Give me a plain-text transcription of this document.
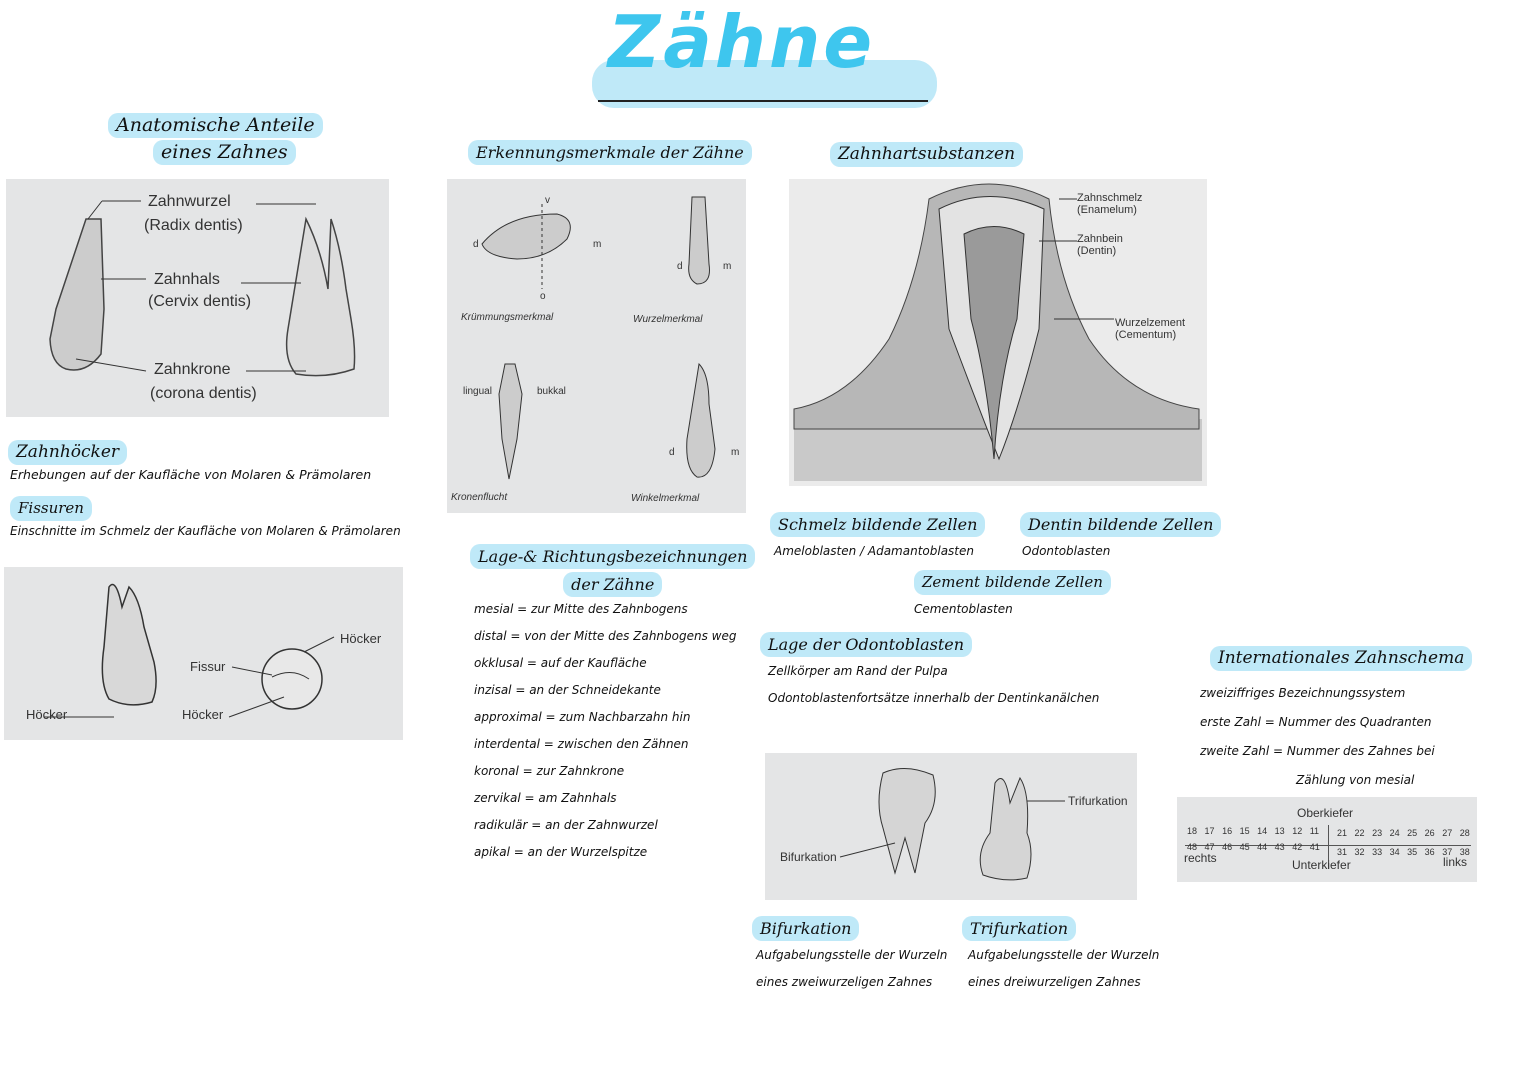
Zähne
Anatomische Anteile
eines Zahnes
Zahnwurzel
(Radix dentis)
Zahnhals
(Cervix dentis)
Zahnkrone
(corona dentis)
Zahnhöcker
Erhebungen auf der Kaufläche von Molaren & Prämolaren
Fissuren
Einschnitte im Schmelz der Kaufläche von Molaren & Prämolaren
Höcker
Fissur
Höcker	Höcker
Erkennungsmerkmale der Zähne
v
d	m
o
d	m
Krümmungsmerkmal	Wurzelmerkmal
lingual	bukkal
d	m
Kronenflucht	Winkelmerkmal
Lage-& Richtungsbezeichnungen
der Zähne
mesial = zur Mitte des Zahnbogens
distal = von der Mitte des Zahnbogens weg
okklusal = auf der Kaufläche
inzisal = an der Schneidekante
approximal = zum Nachbarzahn hin
interdental = zwischen den Zähnen
koronal = zur Zahnkrone
zervikal = am Zahnhals
radikulär = an der Zahnwurzel
apikal = an der Wurzelspitze
Zahnhartsubstanzen
Zahnschmelz
(Enamelum)
Zahnbein
(Dentin)
Wurzelzement
(Cementum)
Schmelz bildende Zellen
Ameloblasten / Adamantoblasten
Dentin bildende Zellen
Odontoblasten
Zement bildende Zellen
Cementoblasten
Lage der Odontoblasten
Zellkörper am Rand der Pulpa
Odontoblastenfortsätze innerhalb der Dentinkanälchen
Bifurkation
Trifurkation
Bifurkation
Aufgabelungsstelle der Wurzeln
eines zweiwurzeligen Zahnes
Trifurkation
Aufgabelungsstelle der Wurzeln
eines dreiwurzeligen Zahnes
Internationales Zahnschema
zweiziffriges Bezeichnungssystem
erste Zahl = Nummer des Quadranten
zweite Zahl = Nummer des Zahnes bei
Zählung von mesial
Oberkiefer
18 17 16 15 14 13 12 11 21 22 23 24 25 26 27 28
48 47 46 45 44 43 42 41 31 32 33 34 35 36 37 38
rechts	Unterkiefer	links
